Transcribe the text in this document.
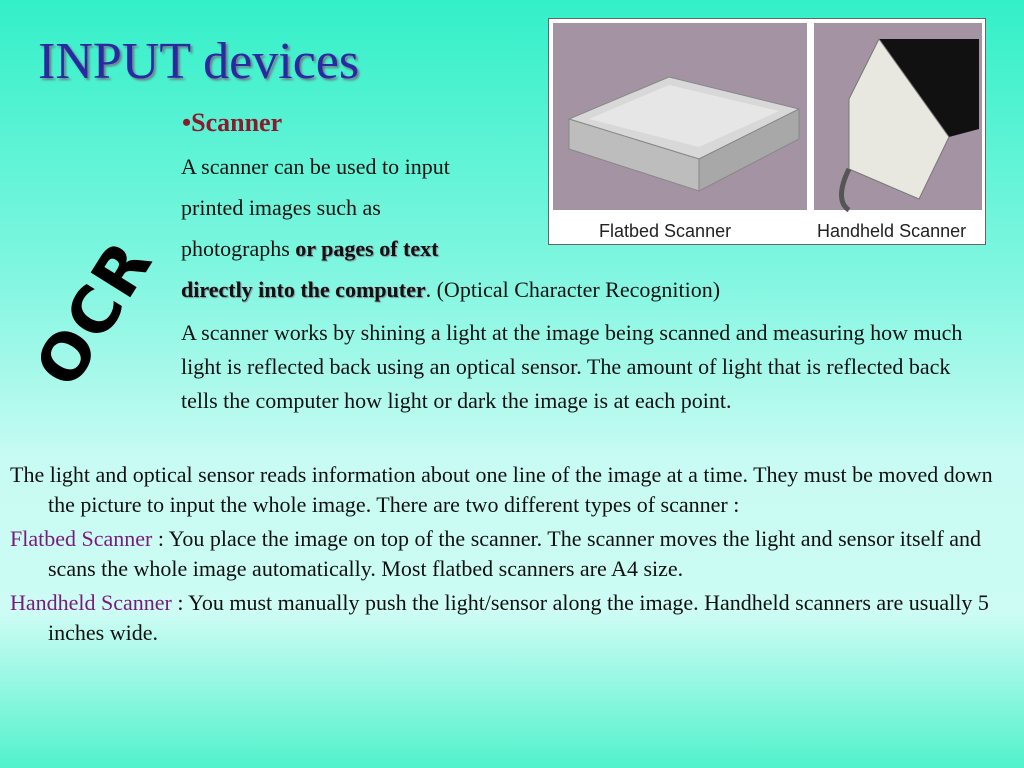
INPUT devices
OCR	Flatbed Scanner	Handheld Scanner
•Scanner
A scanner can be used to input
printed images such as
photographs or pages of text
directly into the computer. (Optical Character Recognition)
A scanner works by shining a light at the image being scanned and measuring how much light is reflected back using an optical sensor. The amount of light that is reflected back tells the computer how light or dark the image is at each point.

The light and optical sensor reads information about one line of the image at a time. They must be moved down the picture to input the whole image. There are two different types of scanner :

Flatbed Scanner : You place the image on top of the scanner. The scanner moves the light and sensor itself and scans the whole image automatically. Most flatbed scanners are A4 size.

Handheld Scanner : You must manually push the light/sensor along the image. Handheld scanners are usually 5 inches wide.
